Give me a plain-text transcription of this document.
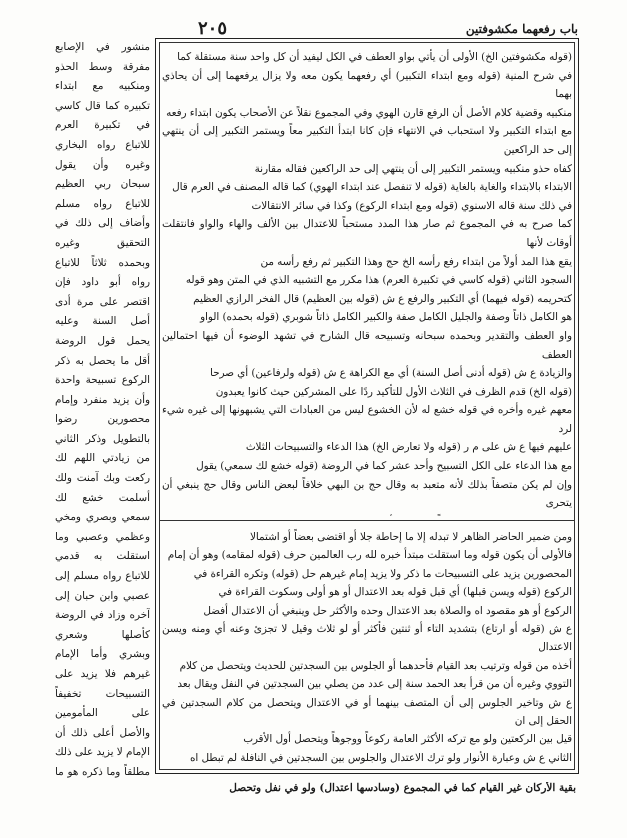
باب رفعهما مكشوفتين
٢٠٥

منشور في الإصابع مفرقة وسط الحذو ومنكبيه مع ابتداء تكبيره كما قال كاسي في تكبيرة العرم للاتباع رواه البخاري وغيره وأن يقول سبحان ربي العظيم للاتباع رواه مسلم وأضاف إلى ذلك في التحقيق وغيره وبحمده ثلاثاً للاتباع رواه أبو داود فإن اقتصر على مرة أدى أصل السنة وعليه يحمل قول الروضة أقل ما يحصل به ذكر الركوع تسبيحة واحدة وأن يزيد منفرد وإمام محصورين رضوا بالتطويل وذكر الثاني من زيادتي اللهم لك ركعت وبك آمنت ولك أسلمت خشع لك سمعي وبصري ومخي وعظمي وعصبي وما استقلت به قدمي للاتباع رواه مسلم إلى عصبي وابن حبان إلى آخره وزاد في الروضة كأصلها وشعري وبشري وأما الإمام غيرهم فلا يزيد على التسبيحات تخفيفاً على المأمومين والأصل أعلى ذلك أن الإمام لا يزيد على ذلك مطلقاً وما ذكره هو ما

(قوله مكشوفتين الخ) الأولى أن يأتي بواو العطف في الكل ليفيد أن كل واحد سنة مستقلة كما

في شرح المنية (قوله ومع ابتداء التكبير) أي رفعهما يكون معه ولا يزال يرفعهما إلى أن يحاذي بهما

منكبيه وقضية كلام الأصل أن الرفع قارن الهوي وفي المجموع نقلاً عن الأصحاب يكون ابتداء رفعه

مع ابتداء التكبير ولا استحباب في الانتهاء فإن كانا ابتدأ التكبير معاً ويستمر التكبير إلى أن ينتهي إلى حد الراكعين

كفاه حذو منكبيه ويستمر التكبير إلى أن ينتهي إلى حد الراكعين فقاله مقارنة

الابتداء بالابتداء والغاية بالغاية (قوله لا تنفصل عند ابتداء الهوي) كما قاله المصنف في العرم قال

في ذلك سنة قاله الاسنوي (قوله ومع ابتداء الركوع) وكذا في سائر الانتقالات

كما صرح به في المجموع ثم صار هذا المدد مستحباً للاعتدال بين الألف والهاء والواو فانتقلت أوقات لأنها

يقع هذا المد أولاً من ابتداء رفع رأسه الخ حج وهذا التكبير ثم رفع رأسه من

السجود الثاني (قوله كاسي في تكبيرة العرم) هذا مكرر مع التشبيه الذي في المتن وهو قوله

كتحريمه (قوله فيهما) أي التكبير والرفع ع ش (قوله بين العظيم) قال الفخر الرازي العظيم

هو الكامل ذاتاً وصفة والجليل الكامل صفة والكبير الكامل ذاتاً شوبري (قوله بحمده) الواو

واو العطف والتقدير وبحمده سبحانه وتسبيحه قال الشارح في تشهد الوضوء أن فيها احتمالين العطف

والزيادة ع ش (قوله أدنى أصل السنة) أي مع الكراهة ع ش (قوله ولرفاعين) أي صرحا

(قوله الخ) قدم الظرف في الثلاث الأول للتأكيد ردًا على المشركين حيث كانوا يعبدون

معهم غيره وأخره في قوله خشع له لأن الخشوع ليس من العبادات التي يشبهونها إلى غيره شيء لرد

عليهم فيها ع ش على م ر (قوله ولا تعارض الخ) هذا الدعاء والتسبيحات الثلاث

مع هذا الدعاء على الكل التسبيح وأحد عشر كما في الروضة (قوله خشع لك سمعي) يقول

وإن لم يكن متصفاً بذلك لأنه متعبد به وقال حج بن البهي خلافاً لبعض الناس وقال حج ينبغي أن يتحرى

ومن ضمير الحاضر الظاهر لا تبدله إلا ما إحاطة جلا أو اقتضى بعضاً أو اشتمالا

فالأولى أن يكون قوله وما استقلت مبتدأ خبره لله رب العالمين حرف (قوله لمقامه) وهو أن إمام

المحصورين يزيد على التسبيحات ما ذكر ولا يزيد إمام غيرهم حل (قوله) وتكره القراءة في

الركوع (قوله ويسن قبلها) أي قبل قوله بعد الاعتدال أو هو أولى وسكوت القراءة في

الركوع أو هو مقصود اه والصلاة بعد الاعتدال وحده والأكثر حل وينبغي أن الاعتدال أفضل

ع ش (قوله أو ارتاع) بتشديد التاء أو ثنتين فأكثر أو لو ثلاث وقيل لا تجزئ وعنه أي ومنه ويسن الاعتدال

أخذه من قوله وترتيب بعد القيام فأحدهما أو الجلوس بين السجدتين للحديث ويتحصل من كلام

التووي وغيره أن من قرأ بعد الحمد سنة إلى عدد من يصلي بين السجدتين في النفل ويقال بعد

ع ش وتاخير الجلوس إلى أن المتصف بينهما أو في الاعتدال ويتحصل من كلام السجدتين في الحقل إلى ان

قيل بين الركعتين ولو مع تركه الأكثر العامة ركوعاً ووجوهاً ويتحصل أول الأقرب

الثاني ع ش وعبارة الأنوار ولو ترك الاعتدال والجلوس بين السجدتين في النافلة لم تبطل اه

بقية الأركان غير القيام كما في المجموع (وسادسها اعتدال) ولو في نفل وتحصل
